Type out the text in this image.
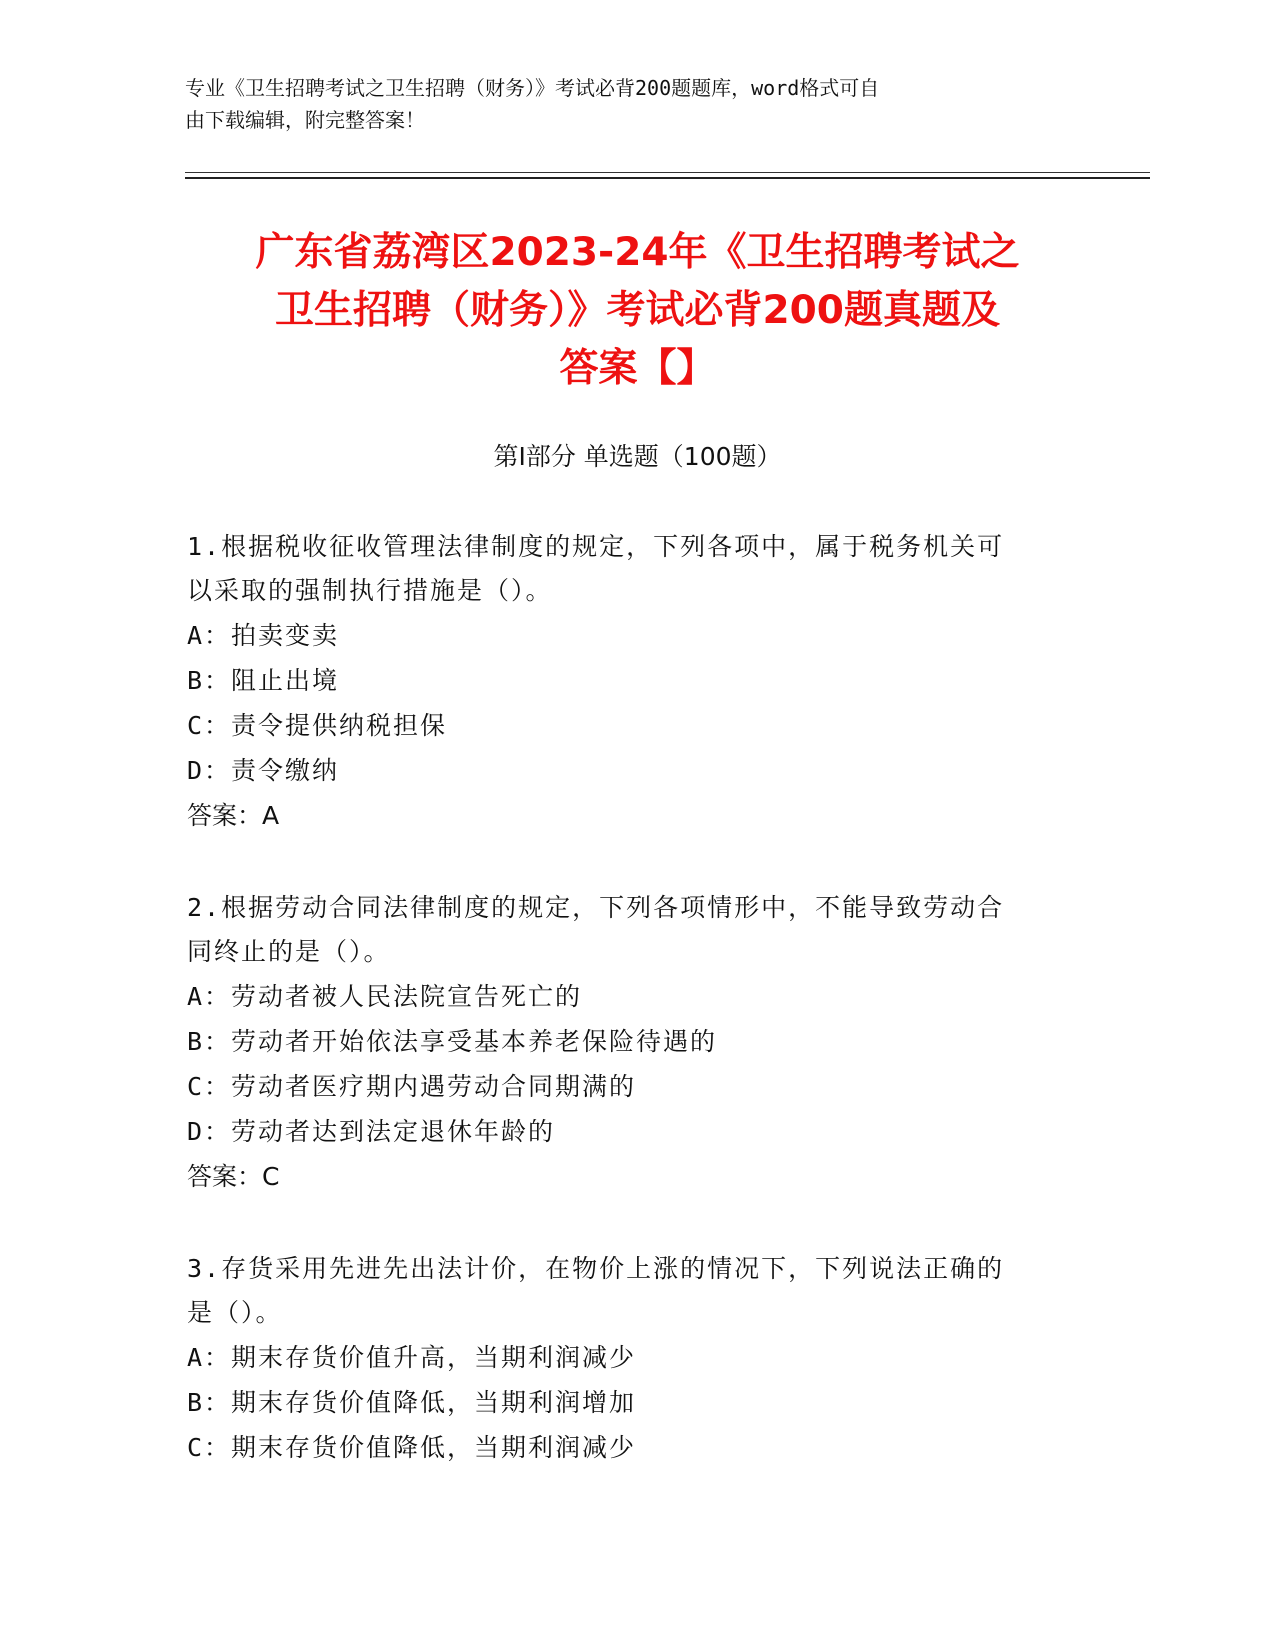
专业《卫生招聘考试之卫生招聘（财务）》考试必背200题题库，word格式可自
由下载编辑，附完整答案！
广东省荔湾区2023-24年《卫生招聘考试之
卫生招聘（财务）》考试必背200题真题及
答案【】
第Ⅰ部分 单选题（100题）
1.根据税收征收管理法律制度的规定，下列各项中，属于税务机关可
以采取的强制执行措施是（）。
A：拍卖变卖
B：阻止出境
C：责令提供纳税担保
D：责令缴纳
答案：A
2.根据劳动合同法律制度的规定，下列各项情形中，不能导致劳动合
同终止的是（）。
A：劳动者被人民法院宣告死亡的
B：劳动者开始依法享受基本养老保险待遇的
C：劳动者医疗期内遇劳动合同期满的
D：劳动者达到法定退休年龄的
答案：C
3.存货采用先进先出法计价，在物价上涨的情况下，下列说法正确的
是（）。
A：期末存货价值升高，当期利润减少
B：期末存货价值降低，当期利润增加
C：期末存货价值降低，当期利润减少
